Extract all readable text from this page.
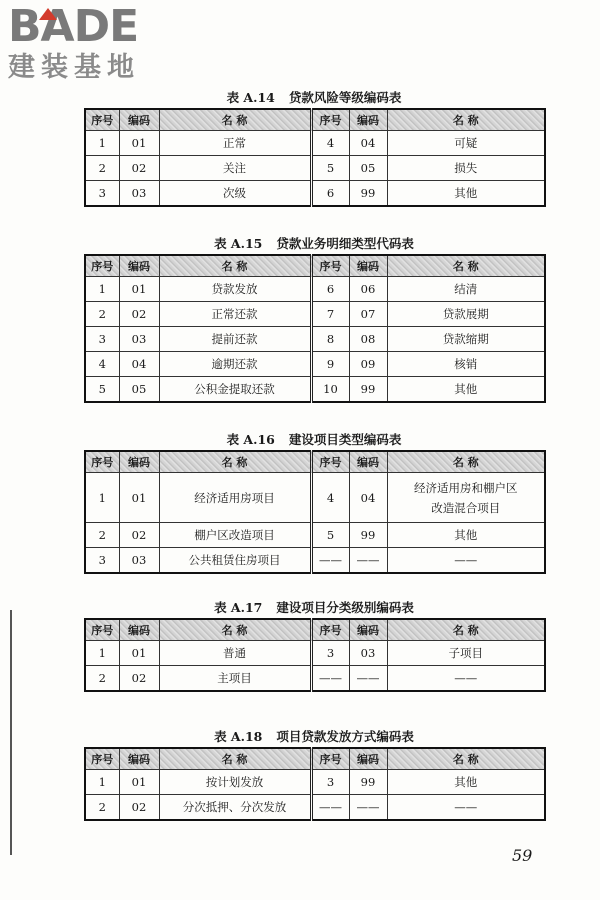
BADE
建装基地
表 A.14 贷款风险等级编码表
序号	编码	名 称	序号	编码	名 称
1	01	正常	4	04	可疑
2	02	关注	5	05	损失
3	03	次级	6	99	其他
表 A.15 贷款业务明细类型代码表
序号	编码	名 称	序号	编码	名 称
1	01	贷款发放	6	06	结清
2	02	正常还款	7	07	贷款展期
3	03	提前还款	8	08	贷款缩期
4	04	逾期还款	9	09	核销
5	05	公积金提取还款	10	99	其他
表 A.16 建设项目类型编码表
序号	编码	名 称	序号	编码	名 称
1	01	经济适用房项目	4	04	经济适用房和棚户区
改造混合项目

2	02	棚户区改造项目	5	99	其他
3	03	公共租赁住房项目	——	——	——
表 A.17 建设项目分类级别编码表
序号	编码	名 称	序号	编码	名 称
1	01	普通	3	03	子项目
2	02	主项目	——	——	——
表 A.18 项目贷款发放方式编码表
序号	编码	名 称	序号	编码	名 称
1	01	按计划发放	3	99	其他
2	02	分次抵押、分次发放	——	——	——
59
